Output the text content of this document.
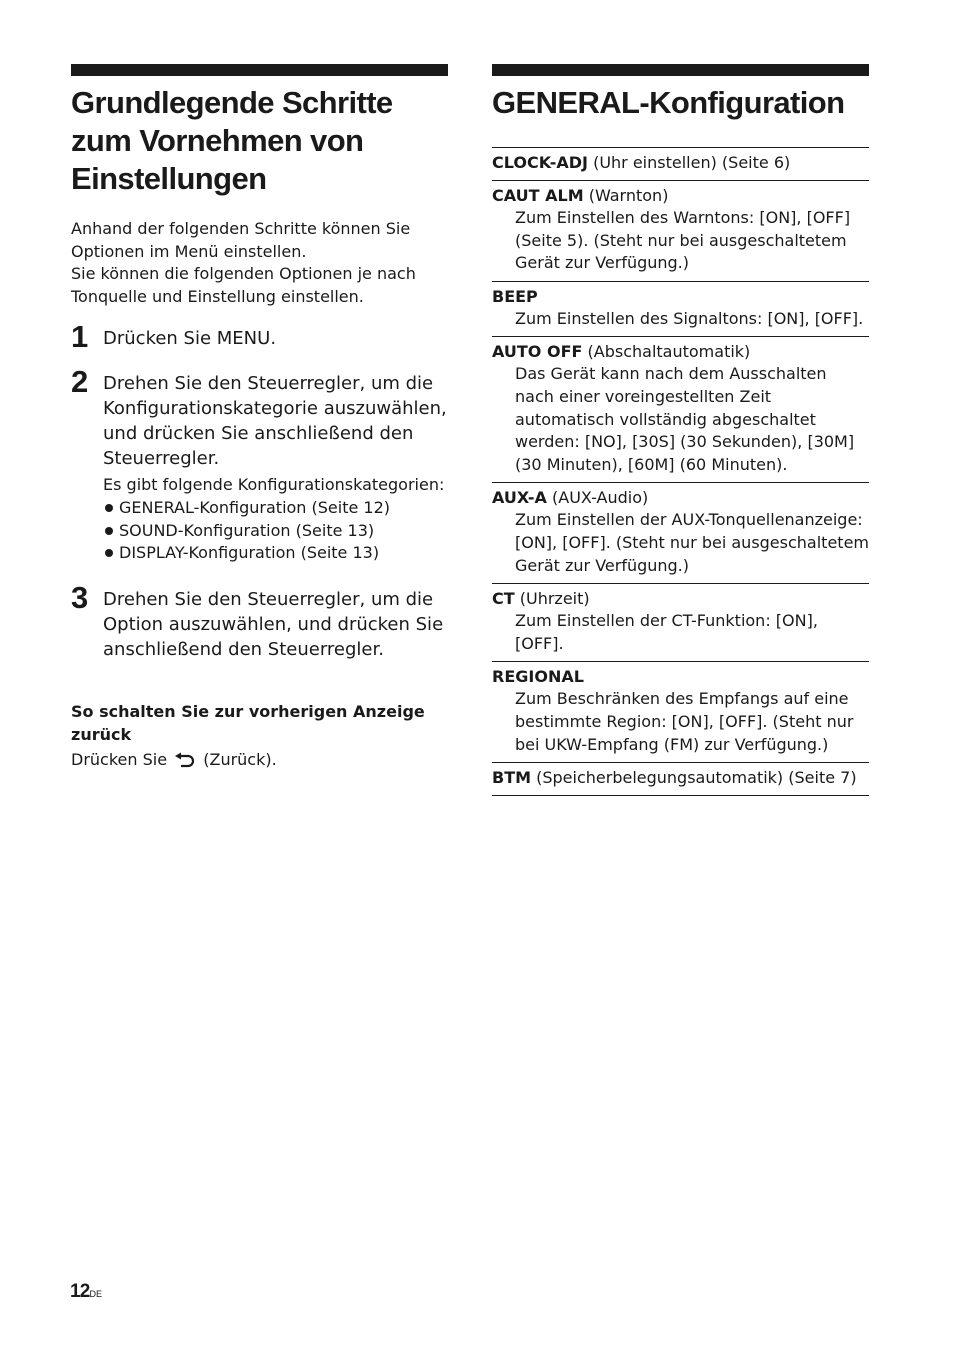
Grundlegende Schritte zum Vornehmen von Einstellungen

Anhand der folgenden Schritte können Sie Optionen im Menü einstellen.

Sie können die folgenden Optionen je nach Tonquelle und Einstellung einstellen.

1 Drücken Sie MENU.
2 Drehen Sie den Steuerregler, um die Konfigurationskategorie auszuwählen, und drücken Sie anschließend den Steuerregler.
Es gibt folgende Konfigurationskategorien:
GENERAL-Konfiguration (Seite 12)
SOUND-Konfiguration (Seite 13)
DISPLAY-Konfiguration (Seite 13)
3 Drehen Sie den Steuerregler, um die Option auszuwählen, und drücken Sie anschließend den Steuerregler.
So schalten Sie zur vorherigen Anzeige zurück
Drücken Sie (Zurück).
GENERAL-Konfiguration
CLOCK-ADJ (Uhr einstellen) (Seite 6)
CAUT ALM (Warnton)
Zum Einstellen des Warntons: [ON], [OFF] (Seite 5). (Steht nur bei ausgeschaltetem Gerät zur Verfügung.)
BEEP
Zum Einstellen des Signaltons: [ON], [OFF].
AUTO OFF (Abschaltautomatik)
Das Gerät kann nach dem Ausschalten nach einer voreingestellten Zeit automatisch vollständig abgeschaltet werden: [NO], [30S] (30 Sekunden), [30M] (30 Minuten), [60M] (60 Minuten).
AUX-A (AUX-Audio)
Zum Einstellen der AUX-Tonquellenanzeige: [ON], [OFF]. (Steht nur bei ausgeschaltetem Gerät zur Verfügung.)
CT (Uhrzeit)
Zum Einstellen der CT-Funktion: [ON], [OFF].
REGIONAL
Zum Beschränken des Empfangs auf eine bestimmte Region: [ON], [OFF]. (Steht nur bei UKW-Empfang (FM) zur Verfügung.)
BTM (Speicherbelegungsautomatik) (Seite 7)
12DE
